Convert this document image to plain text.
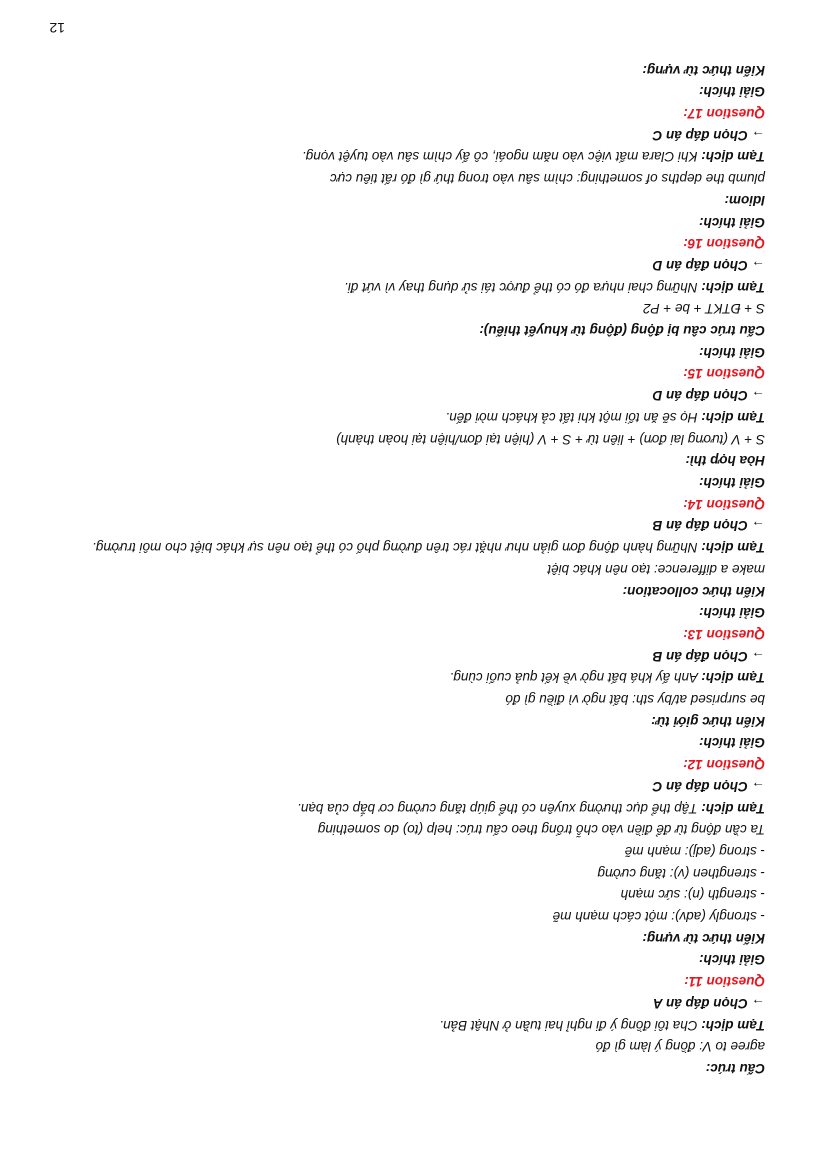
Cấu trúc:
agree to V: đồng ý làm gì đó
Tạm dịch: Cha tôi đồng ý đi nghỉ hai tuần ở Nhật Bản.
→ Chọn đáp án A
Question 11:
Giải thích:
Kiến thức từ vựng:
- strongly (adv): một cách mạnh mẽ
- strength (n): sức mạnh
- strengthen (v): tăng cường
- strong (adj): mạnh mẽ
Ta cần động từ để điền vào chỗ trống theo cấu trúc: help (to) do something
Tạm dịch: Tập thể dục thường xuyên có thể giúp tăng cường cơ bắp của bạn.
→ Chọn đáp án C
Question 12:
Giải thích:
Kiến thức giới từ:
be surprised at/by sth: bất ngờ vì điều gì đó
Tạm dịch: Anh ấy khá bất ngờ về kết quả cuối cùng.
→ Chọn đáp án B
Question 13:
Giải thích:
Kiến thức collocation:
make a difference: tạo nên khác biệt
Tạm dịch: Những hành động đơn giản như nhặt rác trên đường phố có thể tạo nên sự khác biệt cho môi trường.
→ Chọn đáp án B
Question 14:
Giải thích:
Hòa hợp thì:
S + V (tương lai đơn) + liên từ + S + V (hiện tại đơn/hiện tại hoàn thành)
Tạm dịch: Họ sẽ ăn tối một khi tất cả khách mời đến.
→ Chọn đáp án D
Question 15:
Giải thích:
Cấu trúc câu bị động (động từ khuyết thiếu):
S + ĐTKT + be + P2
Tạm dịch: Những chai nhựa đó có thể được tái sử dụng thay vì vứt đi.
→ Chọn đáp án D
Question 16:
Giải thích:
Idiom:
plumb the depths of something: chìm sâu vào trong thứ gì đó rất tiêu cực
Tạm dịch: Khi Clara mất việc vào năm ngoái, cô ấy chìm sâu vào tuyệt vọng.
→ Chọn đáp án C
Question 17:
Giải thích:
Kiến thức từ vựng:
12
